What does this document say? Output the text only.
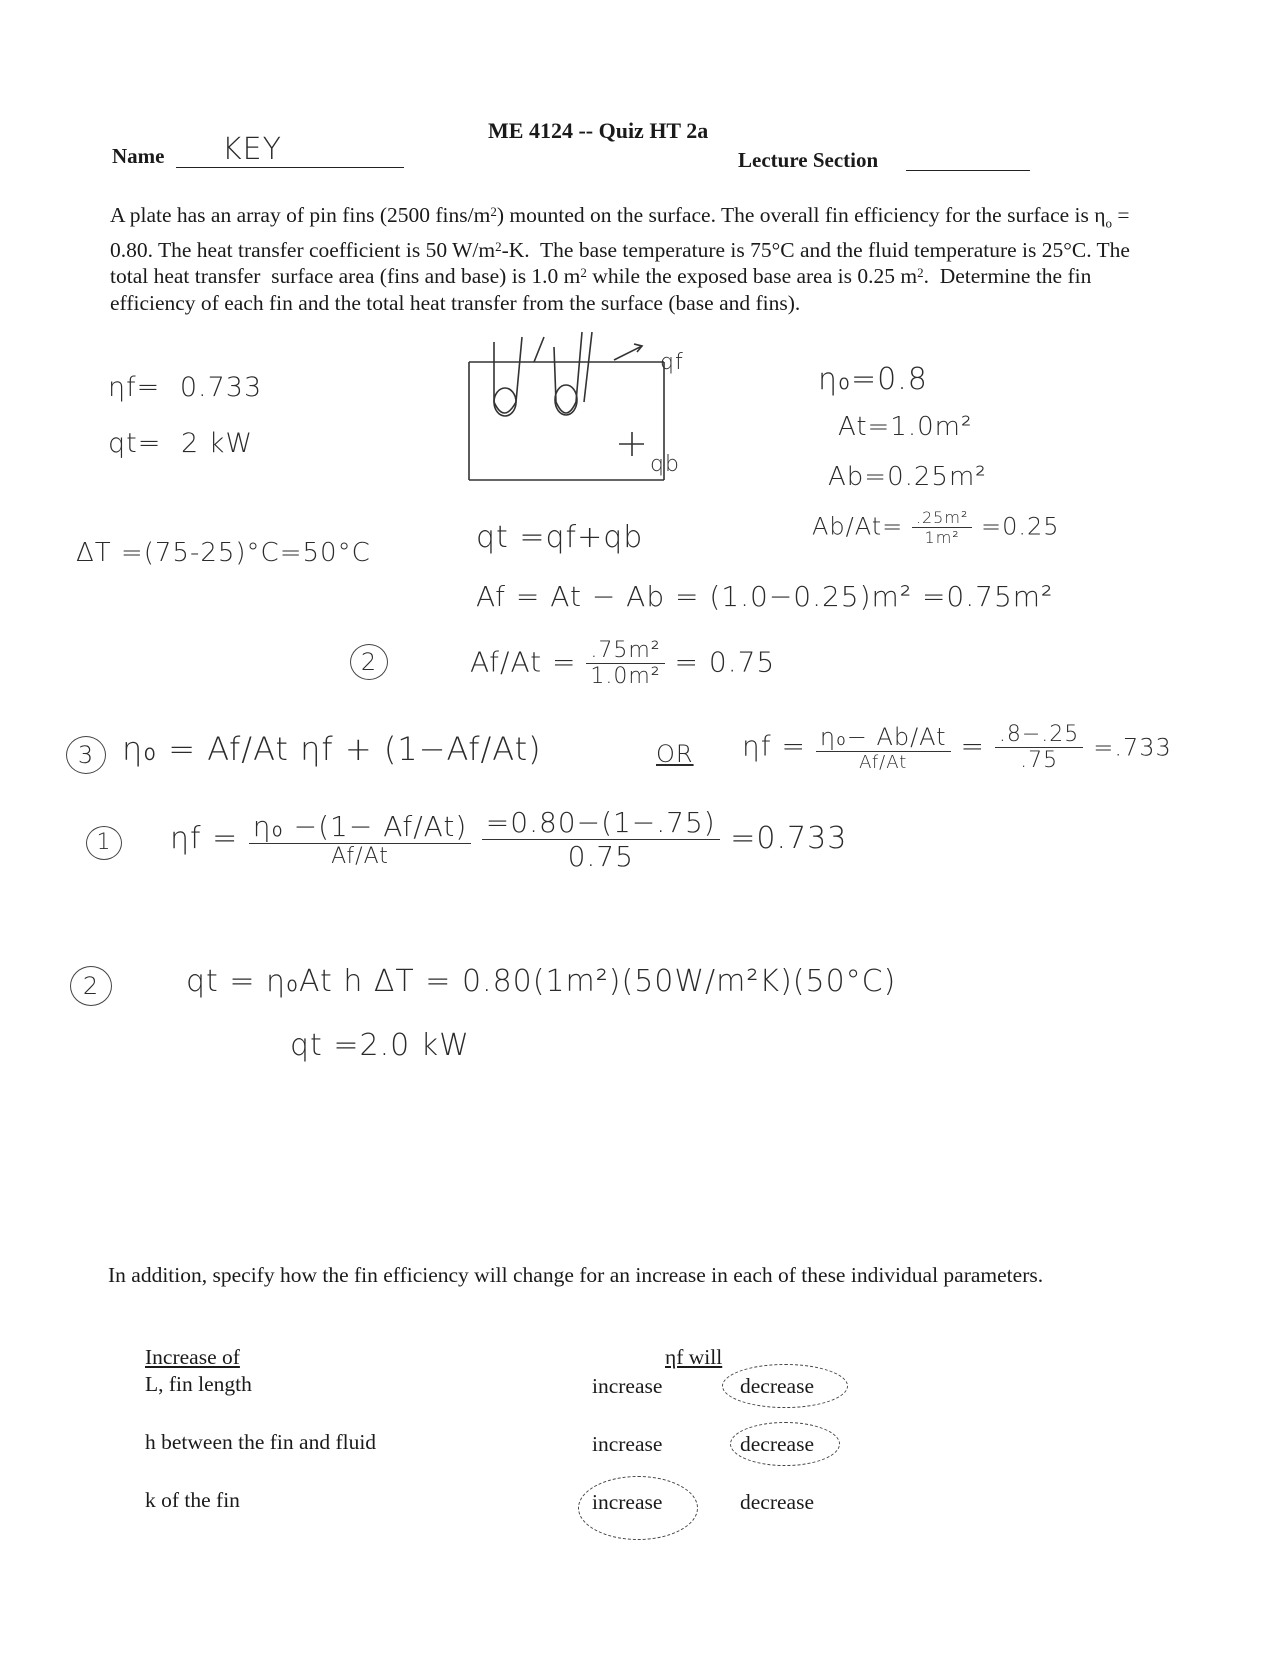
ME 4124 -- Quiz HT 2a
Name KEY	Lecture Section
A plate has an array of pin fins (2500 fins/$m^2$) mounted on the surface. The overall fin efficiency for the surface is $\eta_o = 0.80$. The heat transfer coefficient is 50 $W/m^2-K$.  The base temperature is 75°C and the fluid temperature is 25°C. The total heat transfer  surface area (fins and base) is 1.0 $m^2$ while the exposed base area is 0.25 $m^2$.  Determine the fin efficiency of each fin and the total heat transfer from the surface (base and fins).
ηf= 0.733
qt= 2 kW
qf
qb
η₀=0.8
At=1.0m²
Ab=0.25m²
$Ab/At= \frac{\text{.25m²}}{\text{1m²}} =0.25$
ΔT =(75-25)°C=50°C	qt =qf+qb
Af = At − Ab = (1.0−0.25)m² =0.75m²
2	$Af/At = \frac{\text{.75m²}}{\text{1.0m²}} = 0.75$
3 η₀ = Af/At ηf + (1−Af/At)	OR $\eta f = \frac{\text{η₀− Ab/At}}{Af/At} = \frac{.8-.25}{.75} =.733$
1	$\eta f = \frac{\text{η₀ −(1− Af/At)}}{Af/At}$
$\frac{=0.80-(1-.75)}{0.75} =0.733$
2	qt = η₀At h ΔT = 0.80(1m²)(50W/m²K)(50°C)
qt =2.0 kW
In addition, specify how the fin efficiency will change for an increase in each of these individual parameters.
Increase of	ηf will
L, fin length	increase	decrease
h between the fin and fluid	increase	decrease
k of the fin	increase	decrease
